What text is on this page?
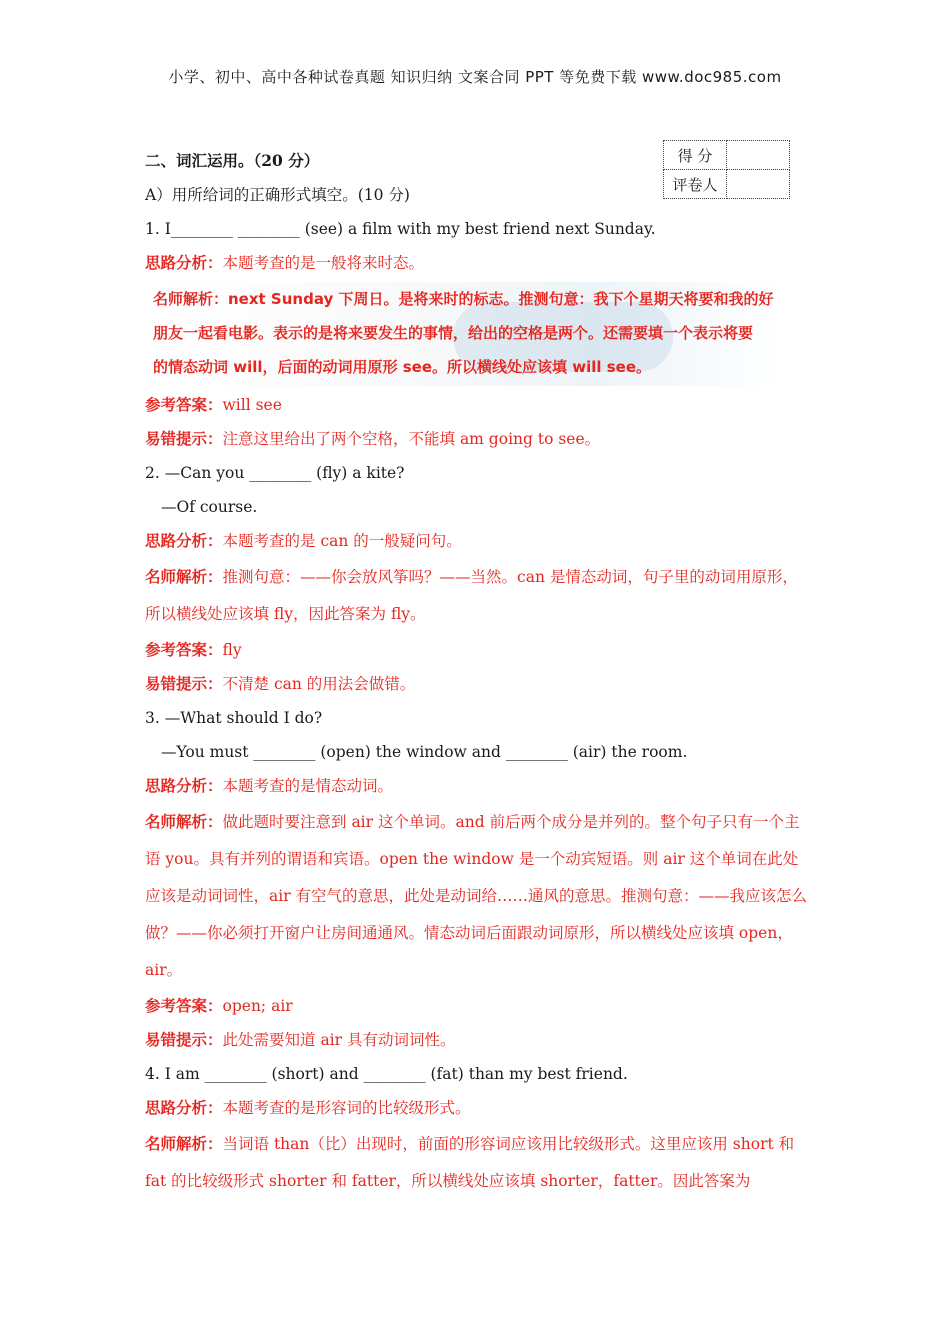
小学、初中、高中各种试卷真题 知识归纳 文案合同 PPT 等免费下载 www.doc985.com
得 分	
评卷人	
二、词汇运用。（20 分）
A）用所给词的正确形式填空。(10 分)
1. I________ ________ (see) a film with my best friend next Sunday.
思路分析：本题考查的是一般将来时态。
名师解析：next Sunday 下周日。是将来时的标志。推测句意：我下个星期天将要和我的好
朋友一起看电影。表示的是将来要发生的事情，给出的空格是两个。还需要填一个表示将要
的情态动词 will，后面的动词用原形 see。所以横线处应该填 will see。
参考答案：will see
易错提示：注意这里给出了两个空格，不能填 am going to see。
2. —Can you ________ (fly) a kite?
—Of course.
思路分析：本题考查的是 can 的一般疑问句。
名师解析：推测句意：——你会放风筝吗？——当然。can 是情态动词，句子里的动词用原形，所以横线处应该填 fly，因此答案为 fly。
参考答案：fly
易错提示：不清楚 can 的用法会做错。
3. —What should I do?
—You must ________ (open) the window and ________ (air) the room.
思路分析：本题考查的是情态动词。
名师解析：做此题时要注意到 air 这个单词。and 前后两个成分是并列的。整个句子只有一个主语 you。具有并列的谓语和宾语。open the window 是一个动宾短语。则 air 这个单词在此处应该是动词词性，air 有空气的意思，此处是动词给……通风的意思。推测句意：——我应该怎么做？——你必须打开窗户让房间通通风。情态动词后面跟动词原形，所以横线处应该填 open，air。
参考答案：open; air
易错提示：此处需要知道 air 具有动词词性。
4. I am ________ (short) and ________ (fat) than my best friend.
思路分析：本题考查的是形容词的比较级形式。
名师解析：当词语 than（比）出现时，前面的形容词应该用比较级形式。这里应该用 short 和 fat 的比较级形式 shorter 和 fatter，所以横线处应该填 shorter，fatter。因此答案为
